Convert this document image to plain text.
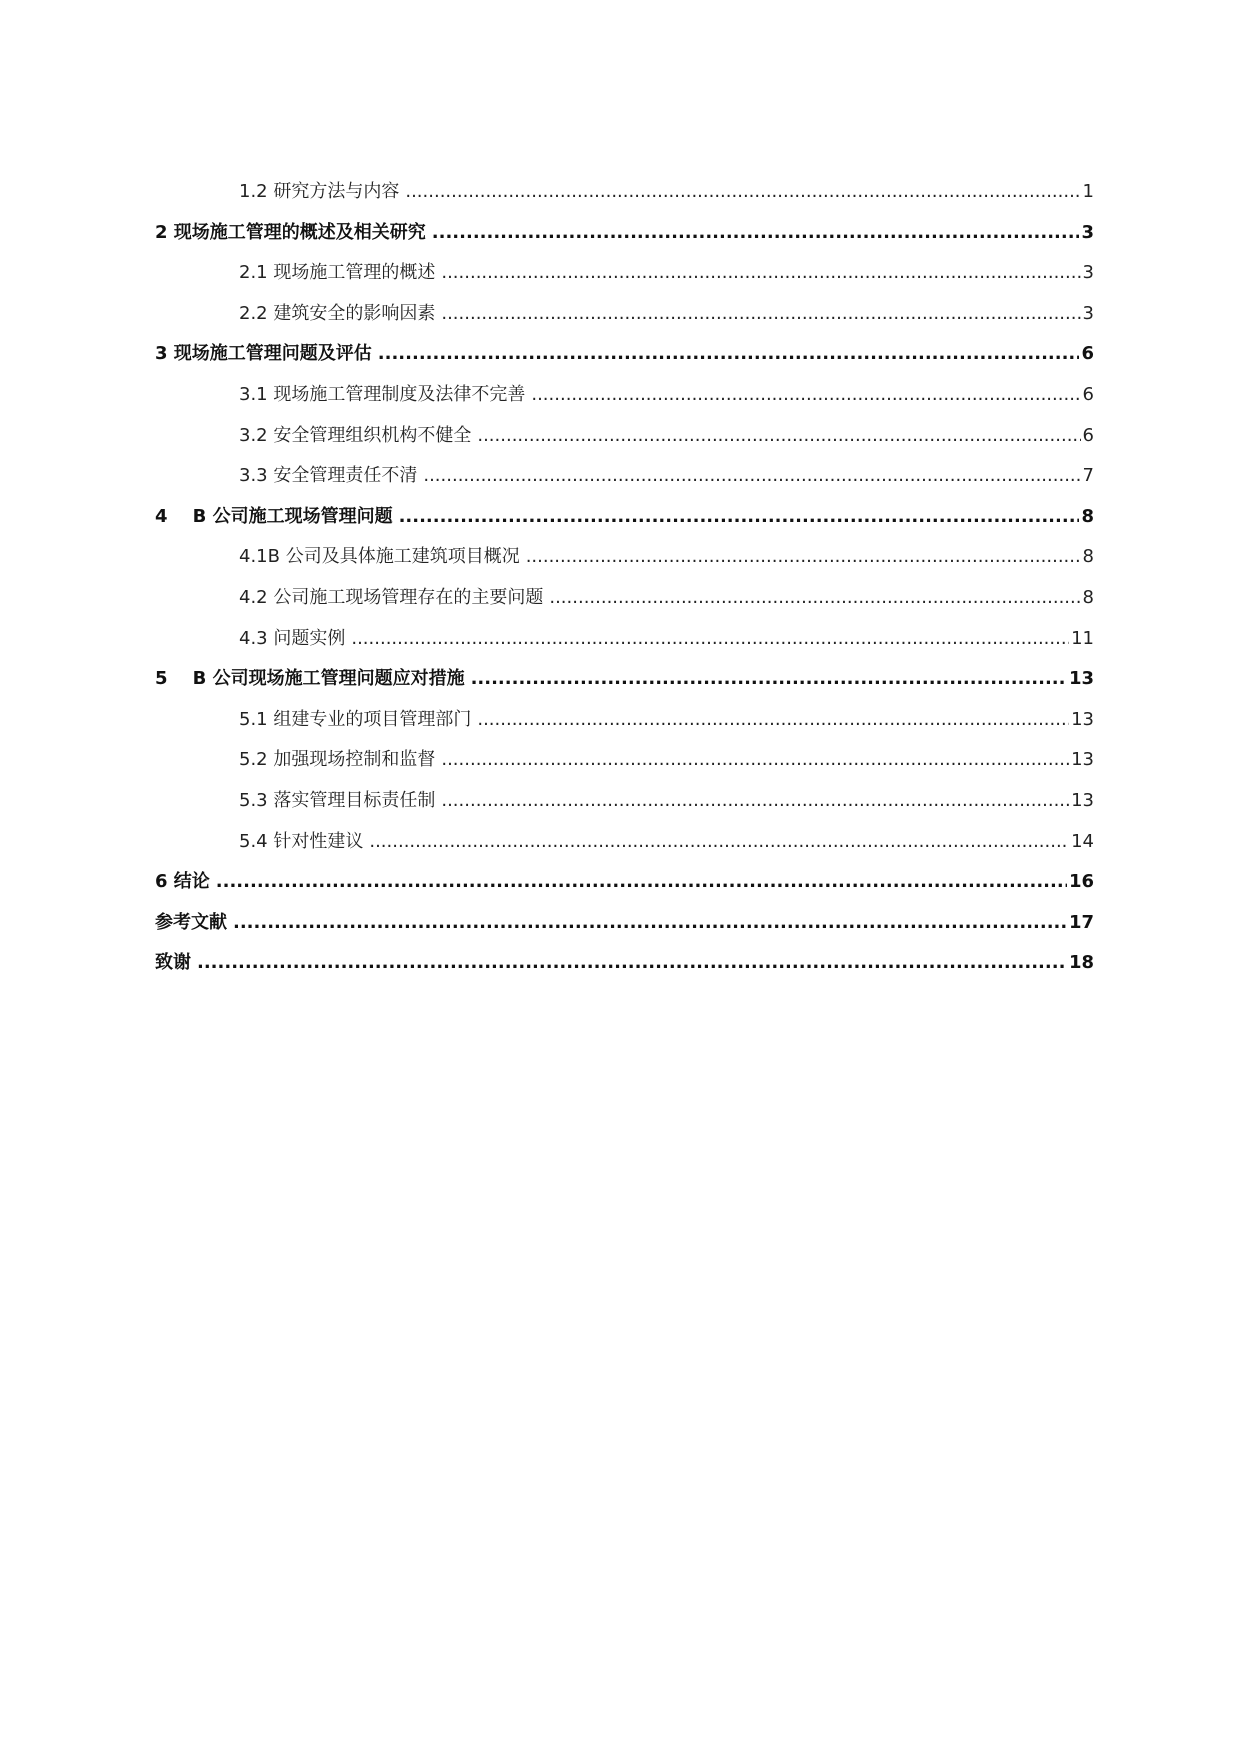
1.2 研究方法与内容 .....	1
2 现场施工管理的概述及相关研究 .....	3
2.1 现场施工管理的概述 .....	3
2.2 建筑安全的影响因素 .....	3
3 现场施工管理问题及评估 .....	6
3.1 现场施工管理制度及法律不完善 .....	6
3.2 安全管理组织机构不健全 .....	6
3.3 安全管理责任不清 .....	7
4    B 公司施工现场管理问题 .....	8
4.1B 公司及具体施工建筑项目概况 .....	8
4.2 公司施工现场管理存在的主要问题 .....	8
4.3 问题实例 .....	11
5    B 公司现场施工管理问题应对措施 .....	13
5.1 组建专业的项目管理部门 .....	13
5.2 加强现场控制和监督 .....	13
5.3 落实管理目标责任制 .....	13
5.4 针对性建议 .....	14
6 结论 .....	16
参考文献 .....	17
致谢 .....	18
